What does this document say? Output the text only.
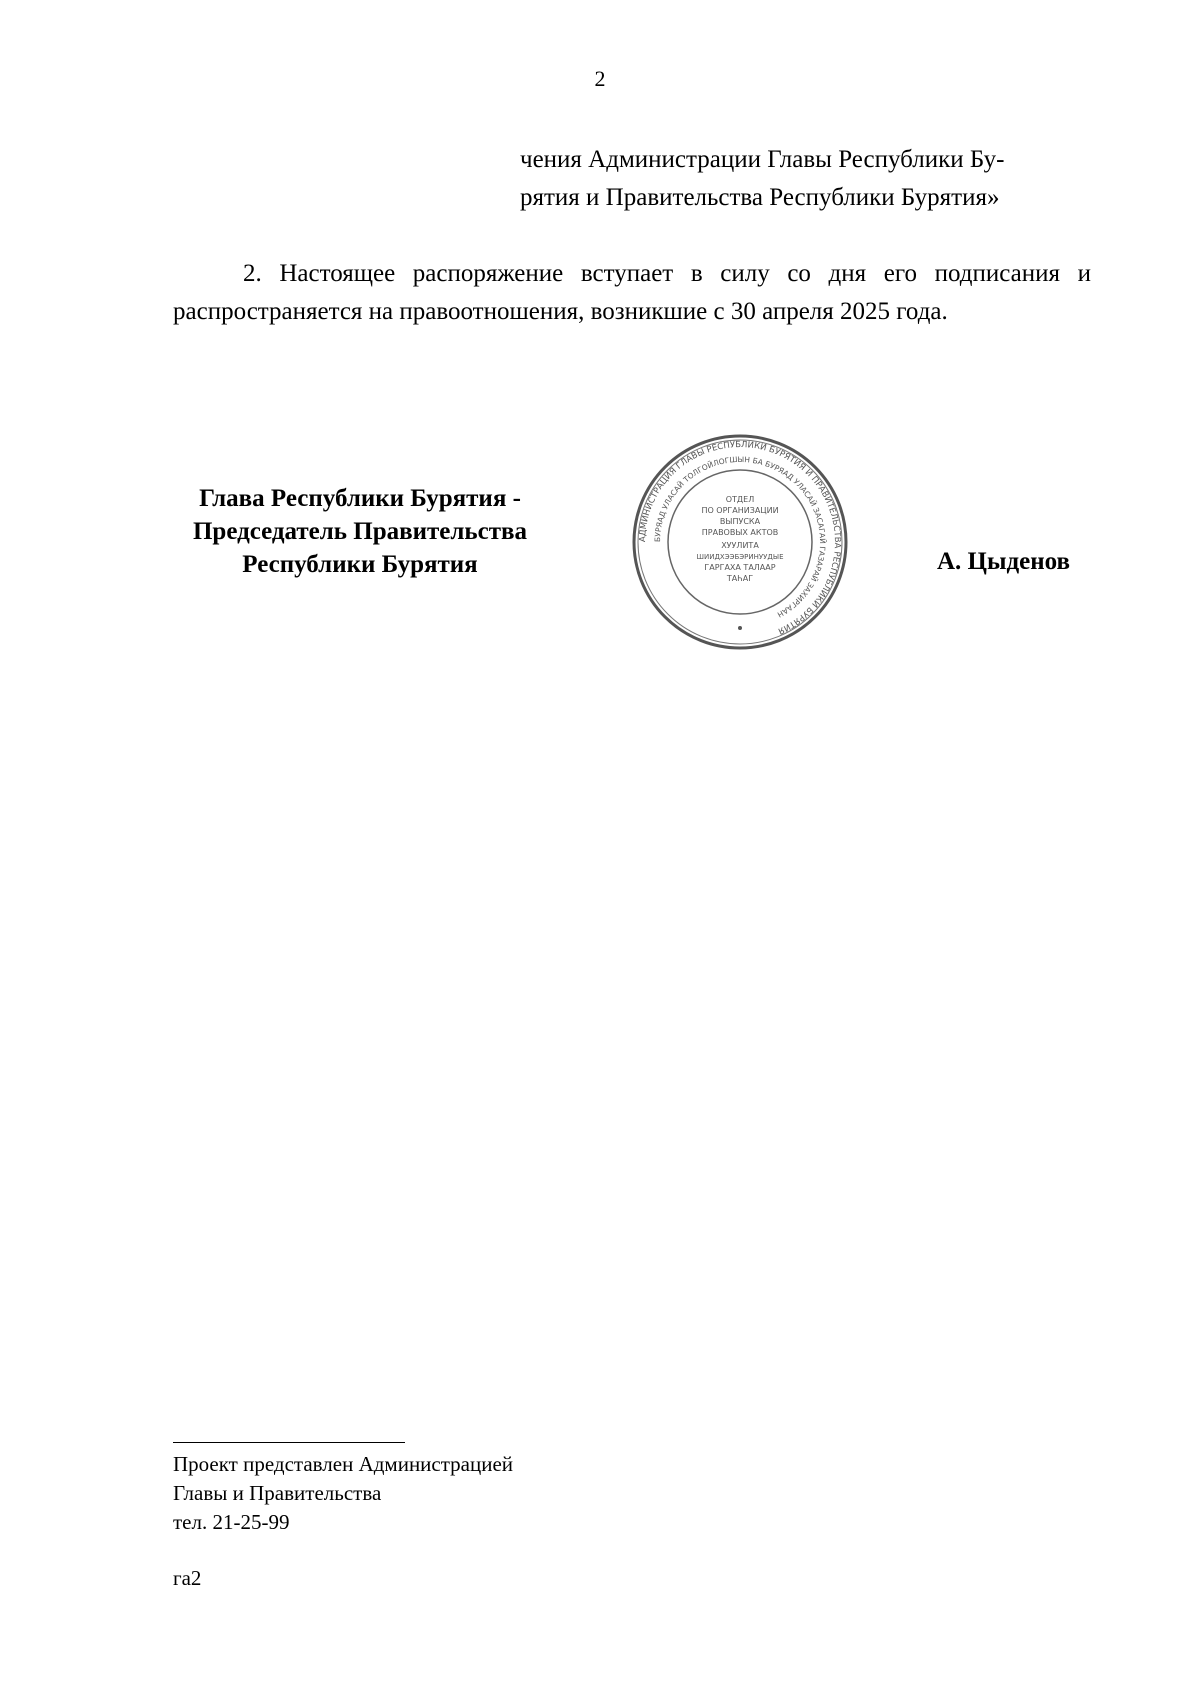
2
чения Администрации Главы Республики Бу-
рятия и Правительства Республики Бурятия»
2. Настоящее распоряжение вступает в силу со дня его подписания и
распространяется на правоотношения, возникшие с 30 апреля 2025 года.
Глава Республики Бурятия -
Председатель Правительства
Республики Бурятия
АДМИНИСТРАЦИЯ ГЛАВЫ РЕСПУБЛИКИ БУРЯТИЯ И ПРАВИТЕЛЬСТВА РЕСПУБЛИКИ БУРЯТИЯ
БУРЯАД УЛАСАЙ ТОЛГОЙЛОГШЫН БА БУРЯАД УЛАСАЙ ЗАСАГАЙ ГАЗАРАЙ ЗАХИРГААН
ОТДЕЛ
ПО ОРГАНИЗАЦИИ
ВЫПУСКА
ПРАВОВЫХ АКТОВ
ХУУЛИТА
ШИИДХЭЭБЭРИНУУДЫЕ
ГАРГАХА ТАЛААР
ТАҺАГ
А. Цыденов
Проект представлен Администрацией
Главы и Правительства
тел. 21-25-99
га2
